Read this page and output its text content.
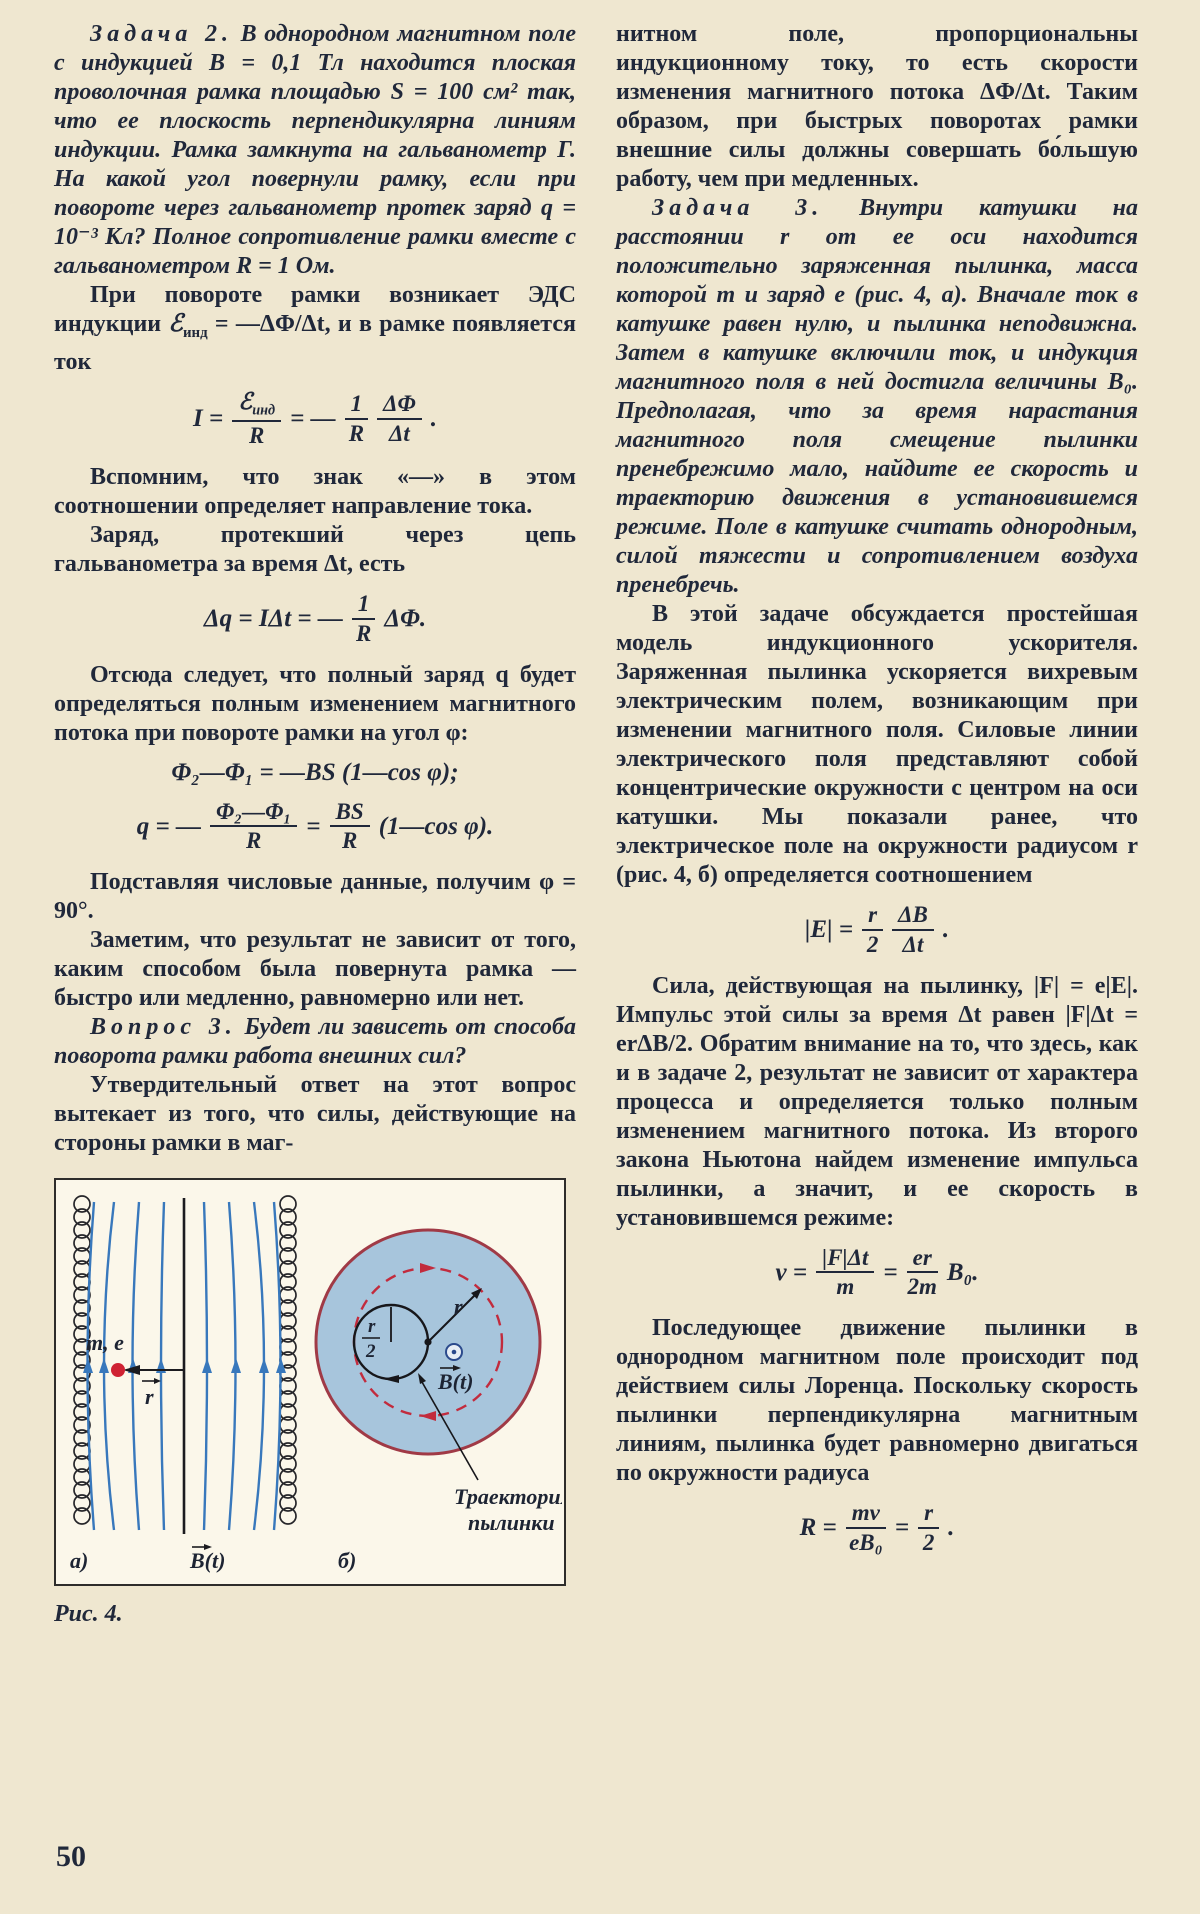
Задача 2. В однородном магнитном поле с индукцией B = 0,1 Тл находится плоская проволочная рамка площадью S = 100 см² так, что ее плоскость перпендикулярна линиям индукции. Рамка замкнута на гальванометр Г. На какой угол повернули рамку, если при повороте через гальванометр протек заряд q = 10⁻³ Кл? Полное сопротивление рамки вместе с гальванометром R = 1 Ом.

При повороте рамки возникает ЭДС индукции ℰ$_{инд}$ = —ΔΦ/Δt, и в рамке появляется ток

$I = \frac{ℰ_{инд}}{R}$ = — $\frac{1}{R} \frac{\Delta\Phi}{\Delta t}$ .

Вспомним, что знак «—» в этом соотношении определяет направление тока.

Заряд, протекший через цепь гальванометра за время Δt, есть

Δq = IΔt = — $\frac{1}{R} \Delta\Phi$.

Отсюда следует, что полный заряд q будет определяться полным изменением магнитного потока при повороте рамки на угол φ:

Φ₂—Φ₁ = —BS (1—cos φ);
q = — $\frac{\text{Φ₂—Φ₁}}{R} = \frac{BS}{R}$ (1—cos φ).

Подставляя числовые данные, получим φ = 90°.

Заметим, что результат не зависит от того, каким способом была повернута рамка — быстро или медленно, равномерно или нет.

Вопрос 3. Будет ли зависеть от способа поворота рамки работа внешних сил?

Утвердительный ответ на этот вопрос вытекает из того, что силы, действующие на стороны рамки в маг-

m, e
r
B(t)
а)
r
r
2
B(t)
Траектория
пылинки
б)
Рис. 4.

нитном поле, пропорциональны индукционному току, то есть скорости изменения магнитного потока ΔΦ/Δt. Таким образом, при быстрых поворотах рамки внешние силы должны совершать бо́льшую работу, чем при медленных.

Задача 3. Внутри катушки на расстоянии r от ее оси находится положительно заряженная пылинка, масса которой m и заряд e (рис. 4, а). Вначале ток в катушке равен нулю, и пылинка неподвижна. Затем в катушке включили ток, и индукция магнитного поля в ней достигла величины B₀. Предполагая, что за время нарастания магнитного поля смещение пылинки пренебрежимо мало, найдите ее скорость и траекторию движения в установившемся режиме. Поле в катушке считать однородным, силой тяжести и сопротивлением воздуха пренебречь.

В этой задаче обсуждается простейшая модель индукционного ускорителя. Заряженная пылинка ускоряется вихревым электрическим полем, возникающим при изменении магнитного поля. Силовые линии электрического поля представляют собой концентрические окружности с центром на оси катушки. Мы показали ранее, что электрическое поле на окружности радиусом r (рис. 4, б) определяется соотношением

$|E| = \frac{r}{2} \frac{\Delta B}{\Delta t}$ .

Сила, действующая на пылинку, |F| = e|E|. Импульс этой силы за время Δt равен |F|Δt = erΔB/2. Обратим внимание на то, что здесь, как и в задаче 2, результат не зависит от характера процесса и определяется только полным изменением магнитного потока. Из второго закона Ньютона найдем изменение импульса пылинки, а значит, и ее скорость в установившемся режиме:

$v = \frac{|F|\Delta t}{m} = \frac{er}{2m} B_0$.

Последующее движение пылинки в однородном магнитном поле происходит под действием силы Лоренца. Поскольку скорость пылинки перпендикулярна магнитным линиям, пылинка будет равномерно двигаться по окружности радиуса

$R = \frac{mv}{\text{eB₀}} = \frac{r}{2}$ .
50
